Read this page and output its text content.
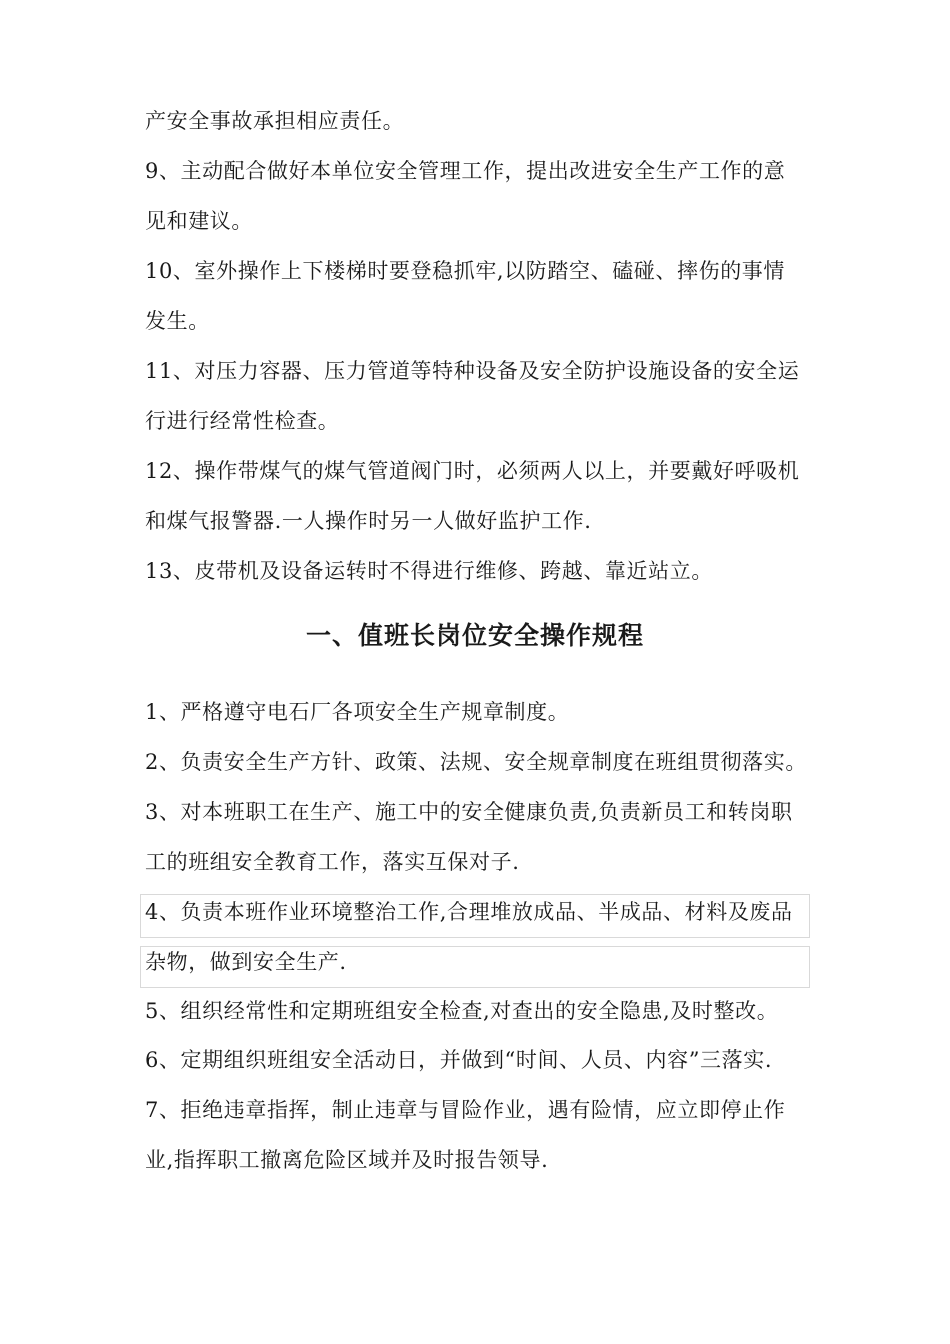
产安全事故承担相应责任。
9、主动配合做好本单位安全管理工作，提出改进安全生产工作的意
见和建议。
10、室外操作上下楼梯时要登稳抓牢,以防踏空、磕碰、摔伤的事情
发生。
11、对压力容器、压力管道等特种设备及安全防护设施设备的安全运
行进行经常性检查。
12、操作带煤气的煤气管道阀门时，必须两人以上，并要戴好呼吸机
和煤气报警器.一人操作时另一人做好监护工作.
13、皮带机及设备运转时不得进行维修、跨越、靠近站立。
一、值班长岗位安全操作规程
1、严格遵守电石厂各项安全生产规章制度。
2、负责安全生产方针、政策、法规、安全规章制度在班组贯彻落实。
3、对本班职工在生产、施工中的安全健康负责,负责新员工和转岗职
工的班组安全教育工作，落实互保对子.
4、负责本班作业环境整治工作,合理堆放成品、半成品、材料及废品
杂物，做到安全生产.
5、组织经常性和定期班组安全检查,对查出的安全隐患,及时整改。
6、定期组织班组安全活动日，并做到“时间、人员、内容”三落实.
7、拒绝违章指挥，制止违章与冒险作业，遇有险情，应立即停止作
业,指挥职工撤离危险区域并及时报告领导.
